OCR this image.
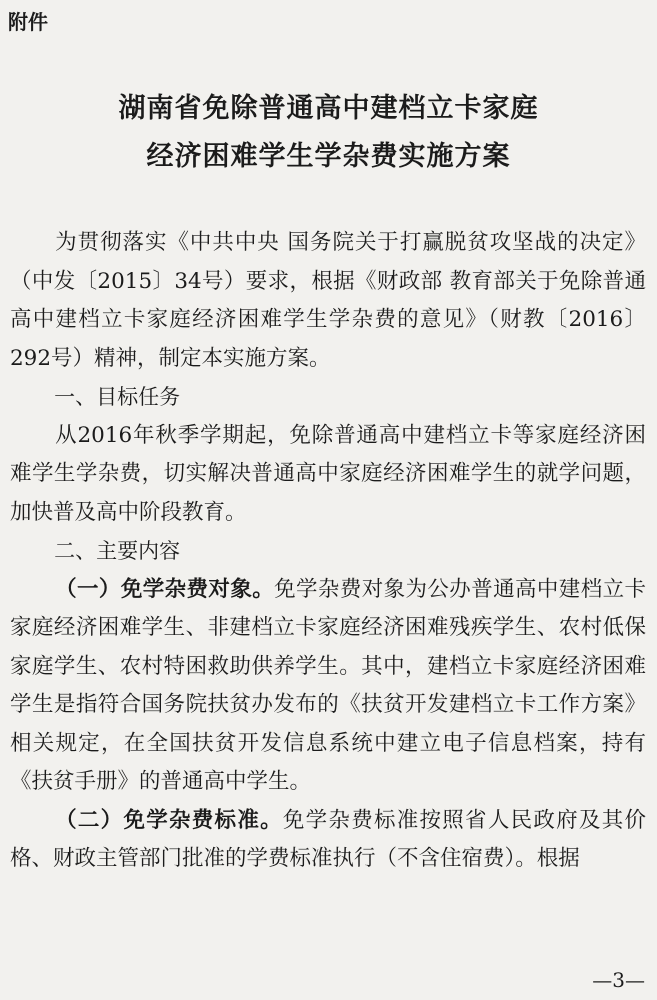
附件
湖南省免除普通高中建档立卡家庭
经济困难学生学杂费实施方案

为贯彻落实《中共中央 国务院关于打赢脱贫攻坚战的决定》（中发〔2015〕34号）要求，根据《财政部 教育部关于免除普通高中建档立卡家庭经济困难学生学杂费的意见》（财教〔2016〕292号）精神，制定本实施方案。

一、目标任务

从2016年秋季学期起，免除普通高中建档立卡等家庭经济困难学生学杂费，切实解决普通高中家庭经济困难学生的就学问题，加快普及高中阶段教育。

二、主要内容

（一）免学杂费对象。免学杂费对象为公办普通高中建档立卡家庭经济困难学生、非建档立卡家庭经济困难残疾学生、农村低保家庭学生、农村特困救助供养学生。其中，建档立卡家庭经济困难学生是指符合国务院扶贫办发布的《扶贫开发建档立卡工作方案》相关规定，在全国扶贫开发信息系统中建立电子信息档案，持有《扶贫手册》的普通高中学生。

（二）免学杂费标准。免学杂费标准按照省人民政府及其价格、财政主管部门批准的学费标准执行（不含住宿费）。根据

—3—
